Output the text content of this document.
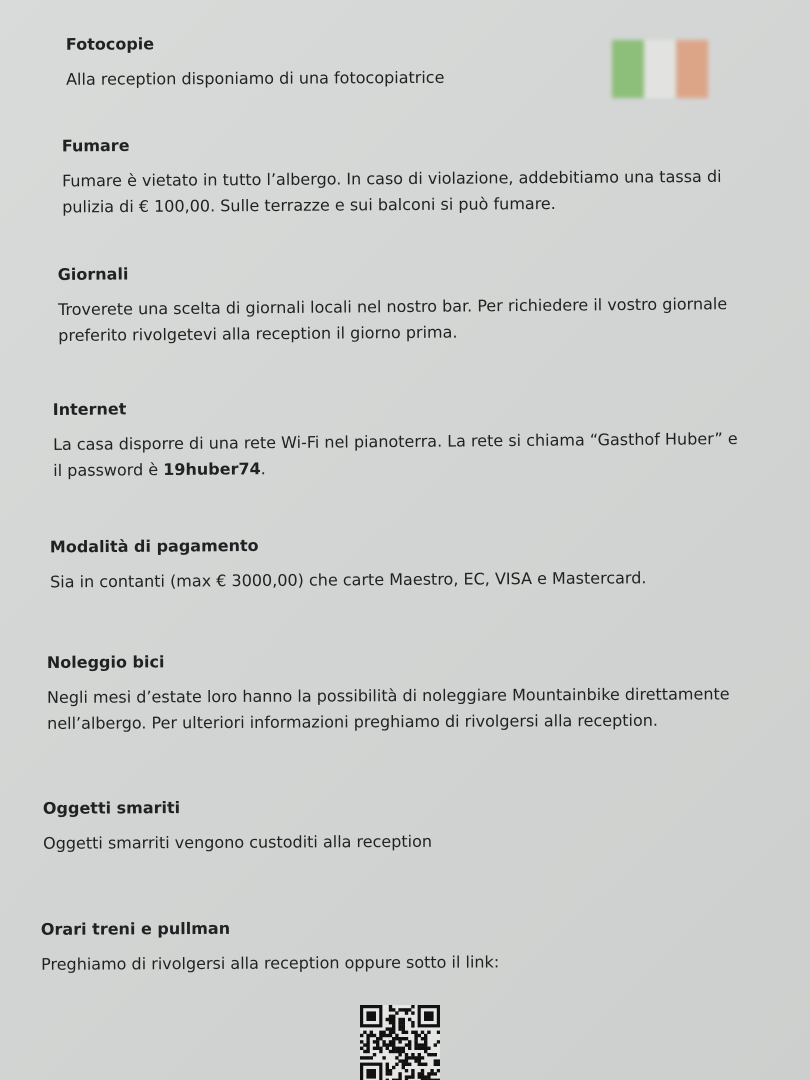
Fotocopie

Alla reception disponiamo di una fotocopiatrice

Fumare

Fumare è vietato in tutto l’albergo. In caso di violazione, addebitiamo una tassa di pulizia di € 100,00. Sulle terrazze e sui balconi si può fumare.

Giornali

Troverete una scelta di giornali locali nel nostro bar. Per richiedere il vostro giornale preferito rivolgetevi alla reception il giorno prima.

Internet

La casa disporre di una rete Wi-Fi nel pianoterra. La rete si chiama “Gasthof Huber” e il password è 19huber74.

Modalità di pagamento

Sia in contanti (max € 3000,00) che carte Maestro, EC, VISA e Mastercard.

Noleggio bici

Negli mesi d’estate loro hanno la possibilità di noleggiare Mountainbike direttamente nell’albergo. Per ulteriori informazioni preghiamo di rivolgersi alla reception.

Oggetti smariti

Oggetti smarriti vengono custoditi alla reception

Orari treni e pullman

Preghiamo di rivolgersi alla reception oppure sotto il link:
